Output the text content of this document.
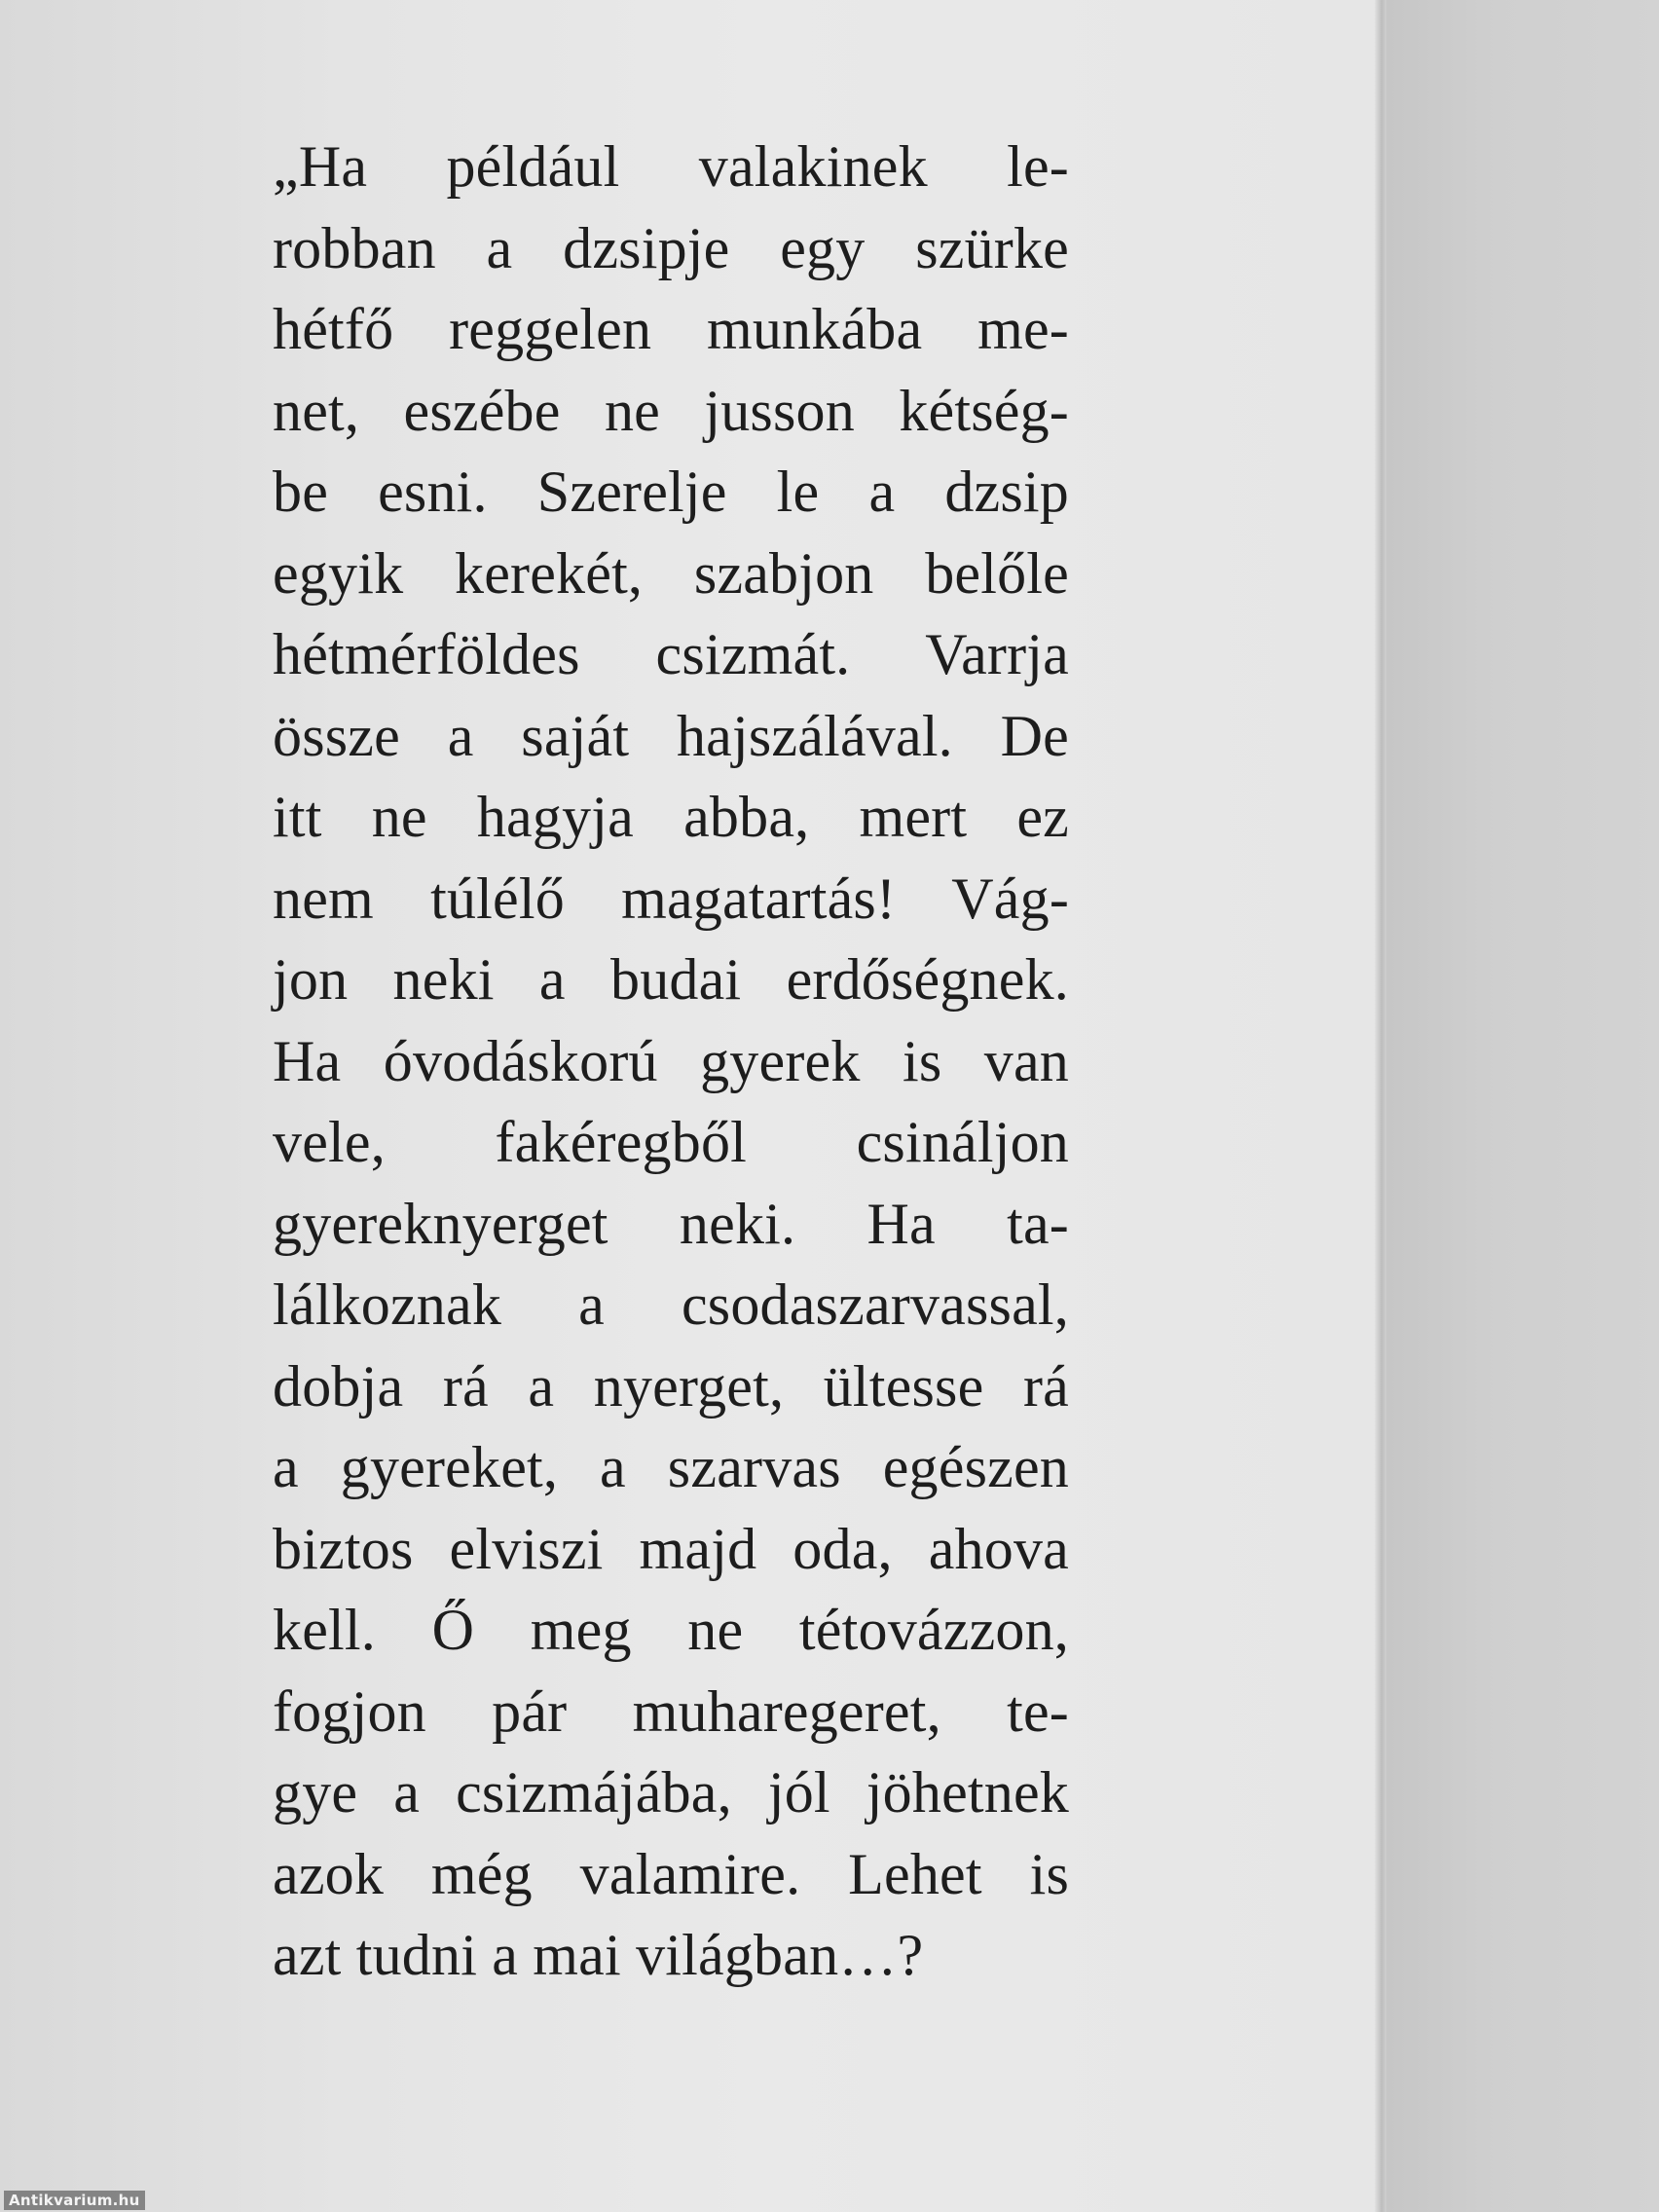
„Ha például valakinek le-
robban a dzsipje egy szürke
hétfő reggelen munkába me-
net, eszébe ne jusson kétség-
be esni. Szerelje le a dzsip
egyik kerekét, szabjon belőle
hétmérföldes csizmát. Varrja
össze a saját hajszálával. De
itt ne hagyja abba, mert ez
nem túlélő magatartás! Vág-
jon neki a budai erdőségnek.
Ha óvodáskorú gyerek is van
vele, fakéregből csináljon
gyereknyerget neki. Ha ta-
lálkoznak a csodaszarvassal,
dobja rá a nyerget, ültesse rá
a gyereket, a szarvas egészen
biztos elviszi majd oda, ahova
kell. Ő meg ne tétovázzon,
fogjon pár muharegeret, te-
gye a csizmájába, jól jöhetnek
azok még valamire. Lehet is
azt tudni a mai világban…?
Antikvarium.hu
